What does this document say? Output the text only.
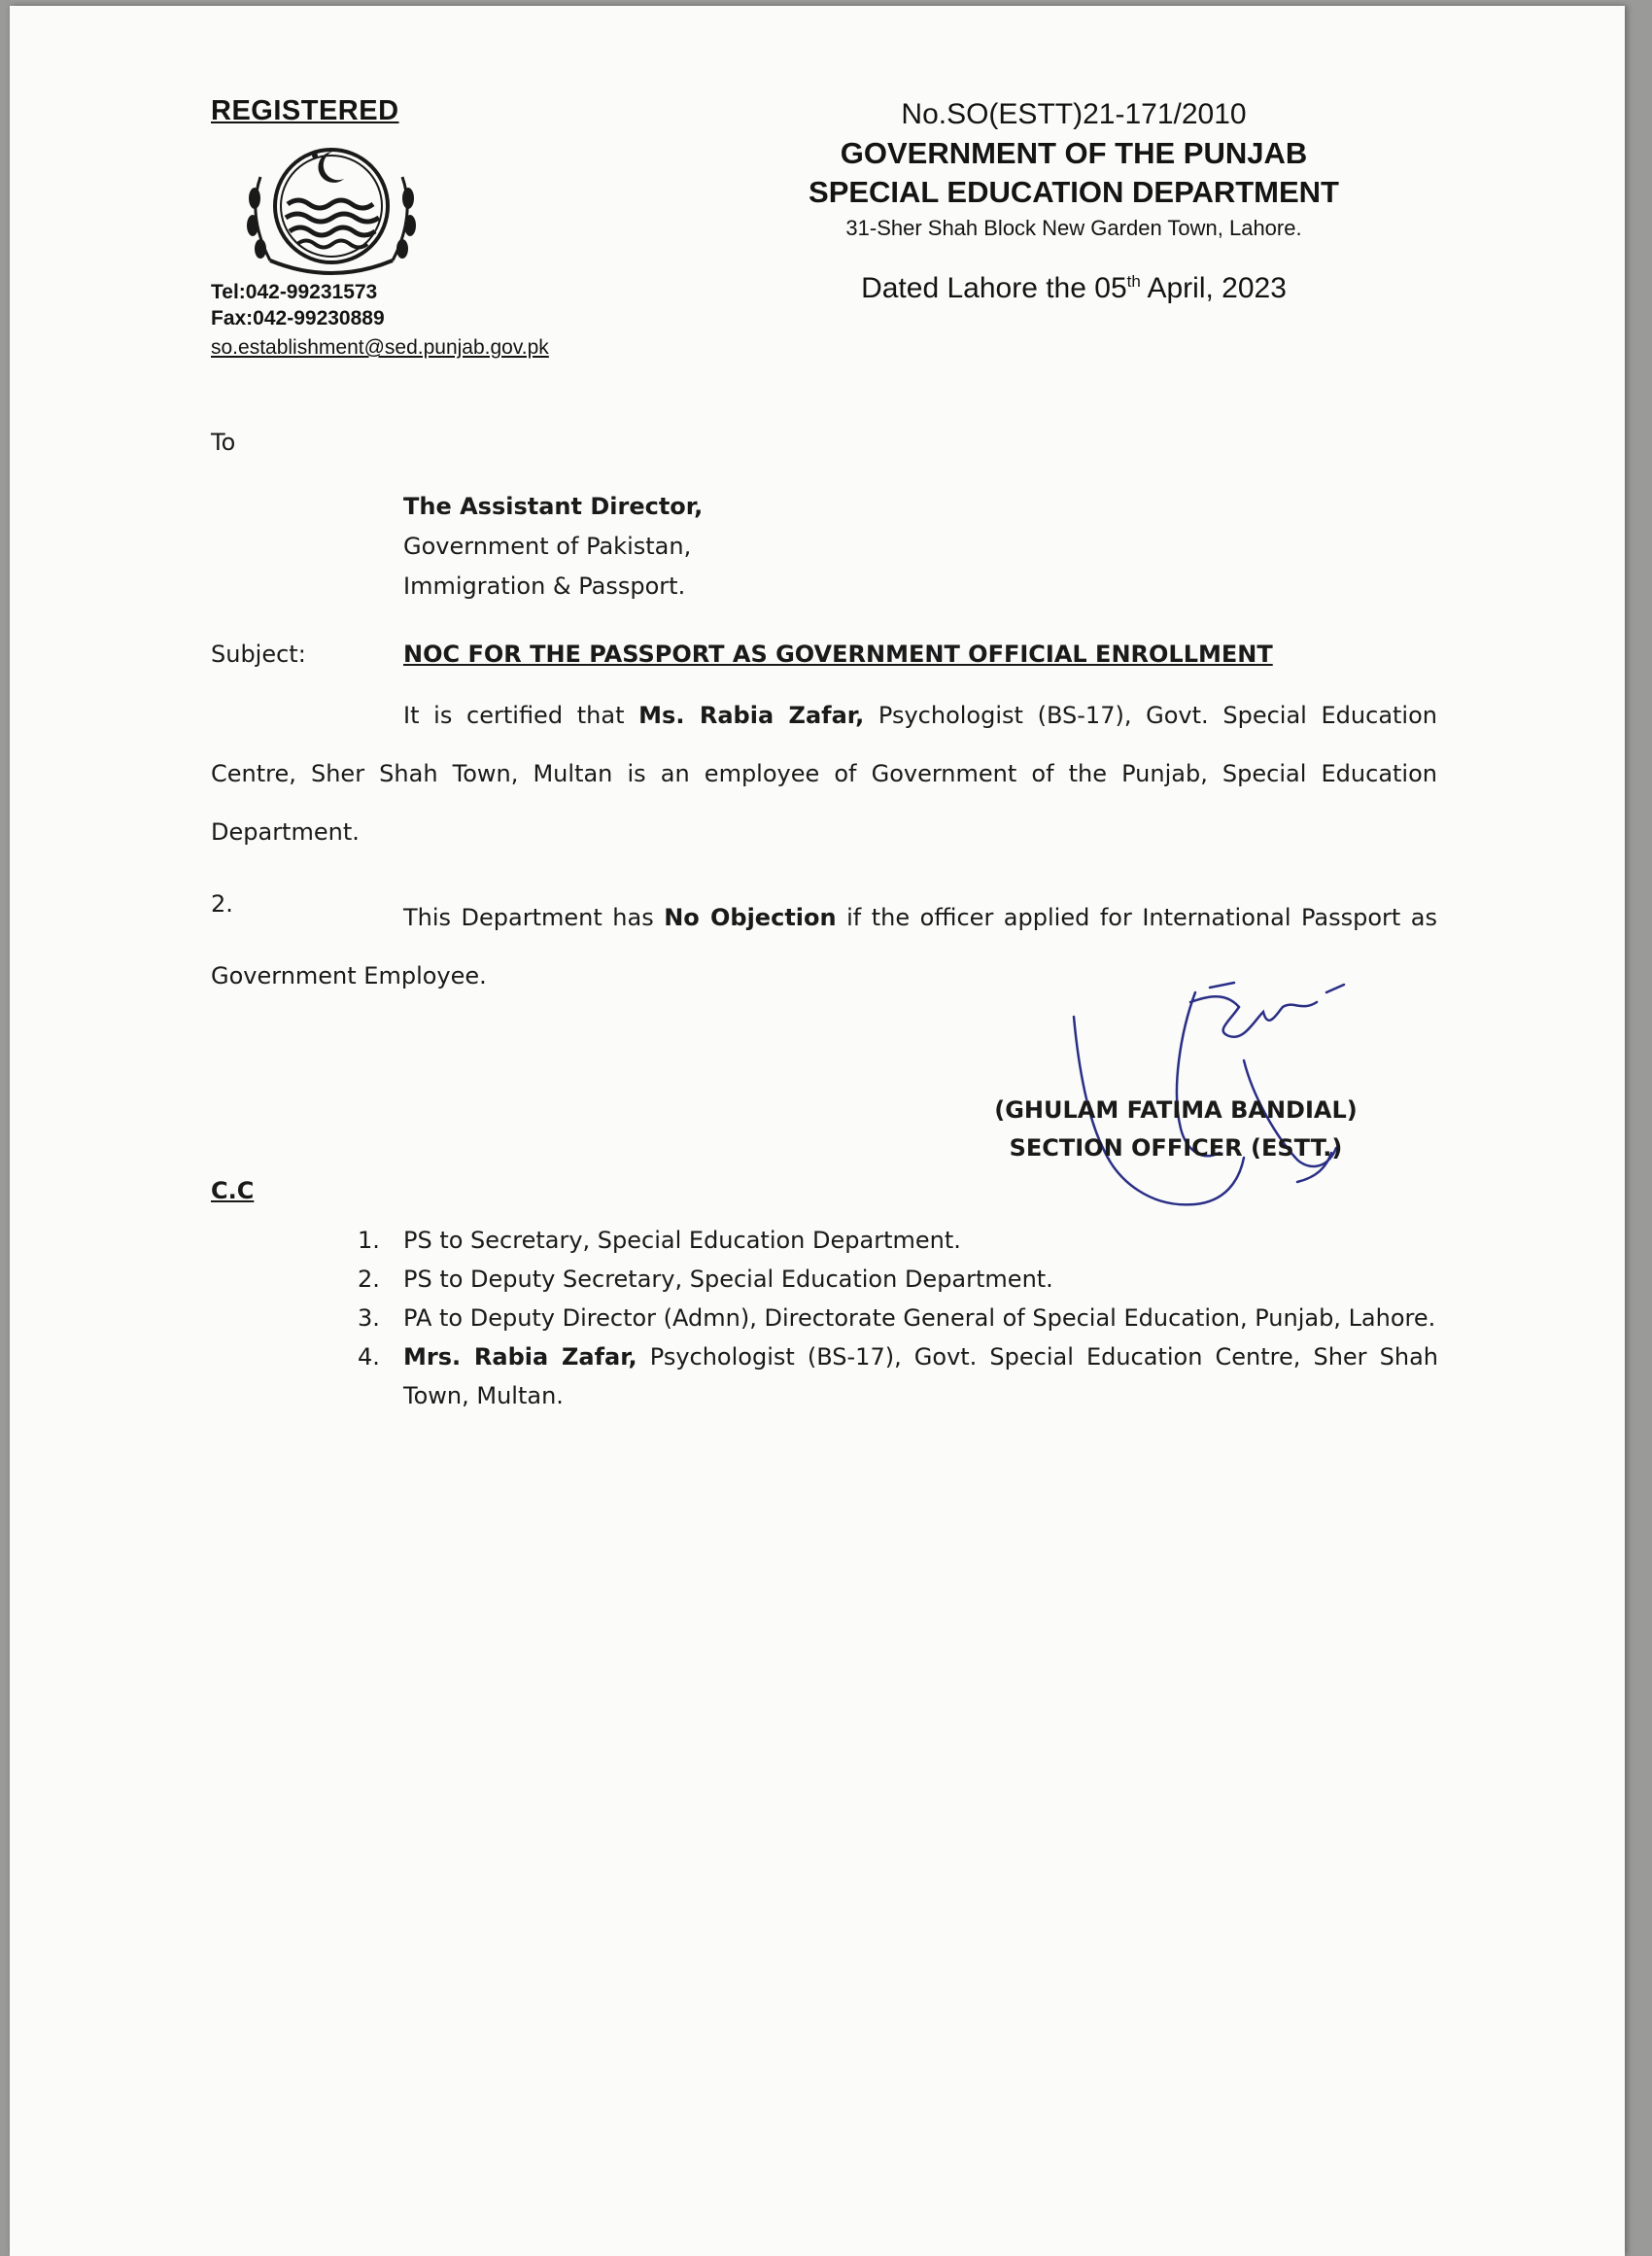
REGISTERED
Tel:042-99231573
Fax:042-99230889
so.establishment@sed.punjab.gov.pk
No.SO(ESTT)21-171/2010
GOVERNMENT OF THE PUNJAB
SPECIAL EDUCATION DEPARTMENT
31-Sher Shah Block New Garden Town, Lahore.
Dated Lahore the 05th April, 2023
To
The Assistant Director,
Government of Pakistan,
Immigration & Passport.
Subject:	NOC FOR THE PASSPORT AS GOVERNMENT OFFICIAL ENROLLMENT
It is certified that Ms. Rabia Zafar, Psychologist (BS-17), Govt. Special Education Centre, Sher Shah Town, Multan is an employee of Government of the Punjab, Special Education Department.
2.	This Department has No Objection if the officer applied for International Passport as Government Employee.
(GHULAM FATIMA BANDIAL)
SECTION OFFICER (ESTT.)
C.C
1. PS to Secretary, Special Education Department.
2. PS to Deputy Secretary, Special Education Department.
3. PA to Deputy Director (Admn), Directorate General of Special Education, Punjab, Lahore.
4. Mrs. Rabia Zafar, Psychologist (BS-17), Govt. Special Education Centre, Sher Shah Town, Multan.
